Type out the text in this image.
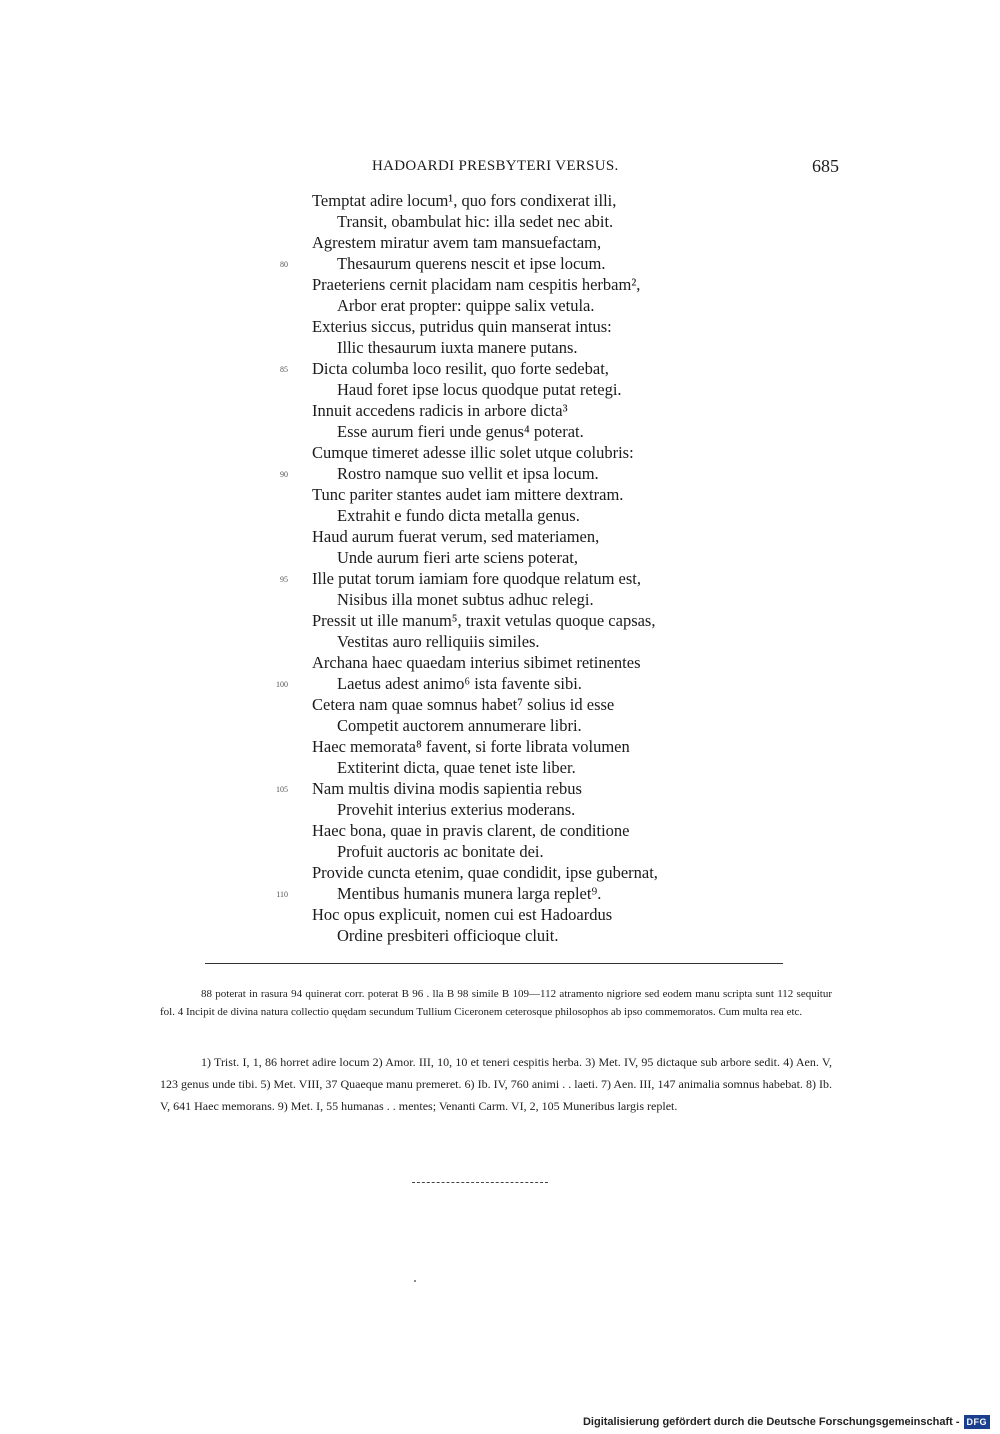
HADOARDI PRESBYTERI VERSUS.	685
Temptat adire locum¹, quo fors condixerat illi,
Transit, obambulat hic: illa sedet nec abit.
Agrestem miratur avem tam mansuefactam,
80	Thesaurum querens nescit et ipse locum.
Praeteriens cernit placidam nam cespitis herbam²,
Arbor erat propter: quippe salix vetula.
Exterius siccus, putridus quin manserat intus:
Illic thesaurum iuxta manere putans.
85 Dicta columba loco resilit, quo forte sedebat,
Haud foret ipse locus quodque putat retegi.
Innuit accedens radicis in arbore dicta³
Esse aurum fieri unde genus⁴ poterat.
Cumque timeret adesse illic solet utque colubris:
90	Rostro namque suo vellit et ipsa locum.
Tunc pariter stantes audet iam mittere dextram.
Extrahit e fundo dicta metalla genus.
Haud aurum fuerat verum, sed materiamen,
Unde aurum fieri arte sciens poterat,
95 Ille putat torum iamiam fore quodque relatum est,
Nisibus illa monet subtus adhuc relegi.
Pressit ut ille manum⁵, traxit vetulas quoque capsas,
Vestitas auro relliquiis similes.
Archana haec quaedam interius sibimet retinentes
100	Laetus adest animo⁶ ista favente sibi.
Cetera nam quae somnus habet⁷ solius id esse
Competit auctorem annumerare libri.
Haec memorata⁸ favent, si forte librata volumen
Extiterint dicta, quae tenet iste liber.
105 Nam multis divina modis sapientia rebus
Provehit interius exterius moderans.
Haec bona, quae in pravis clarent, de conditione
Profuit auctoris ac bonitate dei.
Provide cuncta etenim, quae condidit, ipse gubernat,
110	Mentibus humanis munera larga replet⁹.
Hoc opus explicuit, nomen cui est Hadoardus
Ordine presbiteri officioque cluit.
88 poterat in rasura 94 quinerat corr. poterat B 96 . lla B 98 simile B 109—112 atramento nigriore sed eodem manu scripta sunt 112 sequitur fol. 4 Incipit de divina natura collectio quędam secundum Tullium Ciceronem ceterosque philosophos ab ipso commemoratos. Cum multa rea etc.
1) Trist. I, 1, 86 horret adire locum 2) Amor. III, 10, 10 et teneri cespitis herba. 3) Met. IV, 95 dictaque sub arbore sedit. 4) Aen. V, 123 genus unde tibi. 5) Met. VIII, 37 Quaeque manu premeret. 6) Ib. IV, 760 animi . . laeti. 7) Aen. III, 147 animalia somnus habebat. 8) Ib. V, 641 Haec memorans. 9) Met. I, 55 humanas . . mentes; Venanti Carm. VI, 2, 105 Muneribus largis replet.
Digitalisierung gefördert durch die Deutsche Forschungsgemeinschaft - DFG
